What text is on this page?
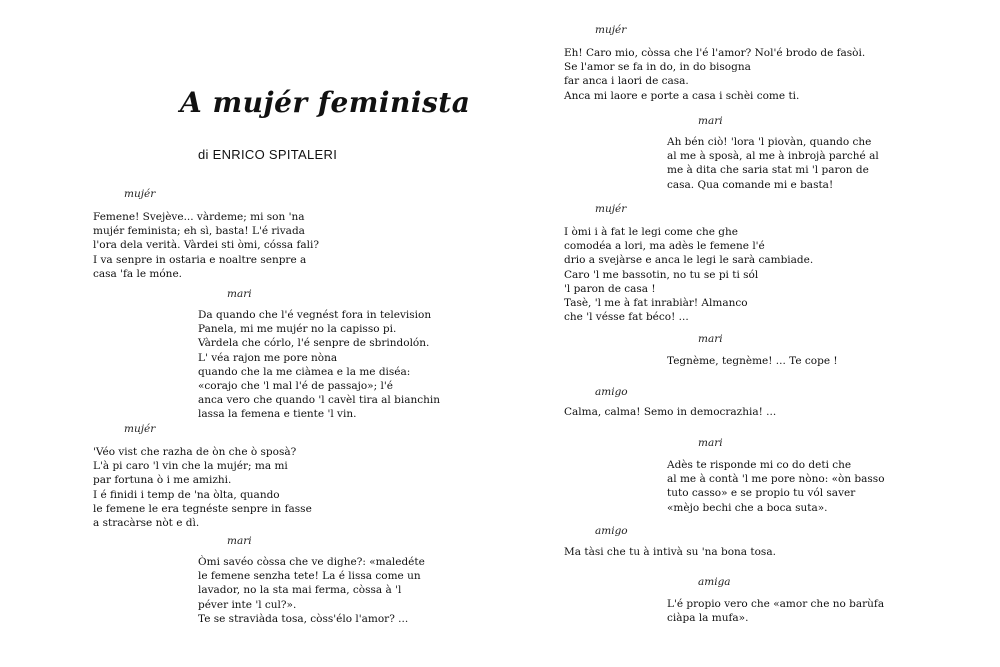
A mujér feminista
di ENRICO SPITALERI
mujér
Femene! Svejève... vàrdeme; mi son 'na
mujér feminista; eh sì, basta! L'é rivada
l'ora dela verità. Vàrdei sti òmi, cóssa fali?
I va senpre in ostaria e noaltre senpre a
casa 'fa le móne.
mari
Da quando che l'é vegnést fora in television
Panela, mi me mujér no la capisso pi.
Vàrdela che córlo, l'é senpre de sbrindolón.
L' véa rajon me pore nòna
quando che la me ciàmea e la me diséa:
«corajo che 'l mal l'é de passajo»; l'é
anca vero che quando 'l cavèl tira al bianchin
lassa la femena e tiente 'l vin.
mujér
'Véo vist che razha de òn che ò sposà?
L'à pi caro 'l vin che la mujér; ma mi
par fortuna ò i me amizhi.
I é finidi i temp de 'na òlta, quando
le femene le era tegnéste senpre in fasse
a stracàrse nòt e dì.
mari
Òmi savéo còssa che ve dighe?: «maledéte
le femene senzha tete! La é lissa come un
lavador, no la sta mai ferma, còssa à 'l
péver inte 'l cul?».
Te se straviàda tosa, còss'élo l'amor? ...
mujér
Eh! Caro mio, còssa che l'é l'amor? Nol'é brodo de fasòi.
Se l'amor se fa in do, in do bisogna
far anca i laori de casa.
Anca mi laore e porte a casa i schèi come ti.
mari
Ah bén ciò! 'lora 'l piovàn, quando che
al me à sposà, al me à inbrojà parché al
me à dita che saria stat mi 'l paron de
casa. Qua comande mi e basta!
mujér
I òmi i à fat le legi come che ghe
comodéa a lori, ma adès le femene l'é
drio a svejàrse e anca le legi le sarà cambiade.
Caro 'l me bassotin, no tu se pi ti sól
'l paron de casa !
Tasè, 'l me à fat inrabiàr! Almanco
che 'l vésse fat béco! ...
mari
Tegnème, tegnème! ... Te cope !
amigo
Calma, calma! Semo in democrazhia! ...
mari
Adès te risponde mi co do deti che
al me à contà 'l me pore nòno: «òn basso
tuto casso» e se propio tu vól saver
«mèjo bechi che a boca suta».
amigo
Ma tàsi che tu à intivà su 'na bona tosa.
amiga
L'é propio vero che «amor che no barùfa
ciàpa la mufa».
